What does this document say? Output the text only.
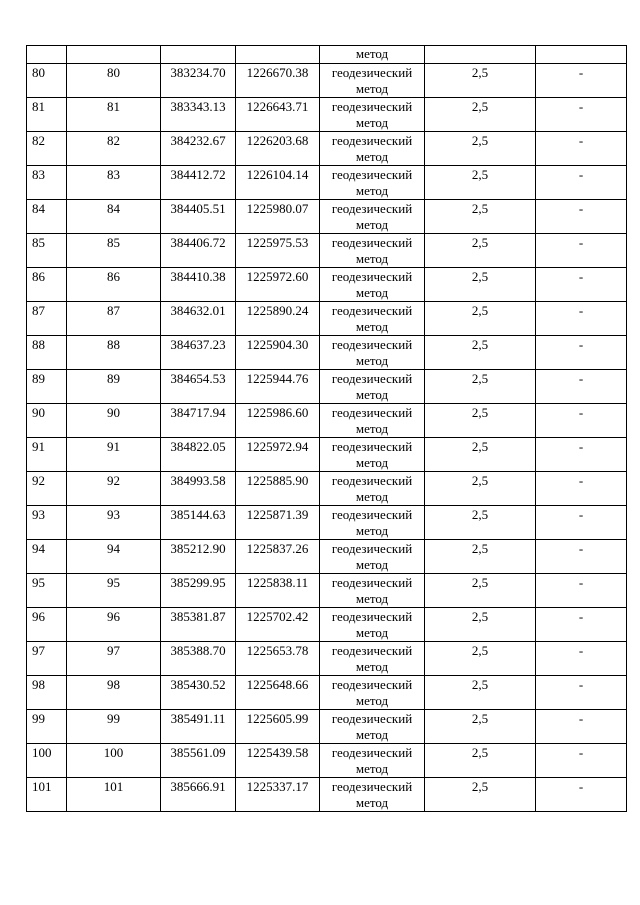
				метод		
80	80	383234.70	1226670.38	геодезический
метод	2,5	-
81	81	383343.13	1226643.71	геодезический
метод	2,5	-
82	82	384232.67	1226203.68	геодезический
метод	2,5	-
83	83	384412.72	1226104.14	геодезический
метод	2,5	-
84	84	384405.51	1225980.07	геодезический
метод	2,5	-
85	85	384406.72	1225975.53	геодезический
метод	2,5	-
86	86	384410.38	1225972.60	геодезический
метод	2,5	-
87	87	384632.01	1225890.24	геодезический
метод	2,5	-
88	88	384637.23	1225904.30	геодезический
метод	2,5	-
89	89	384654.53	1225944.76	геодезический
метод	2,5	-
90	90	384717.94	1225986.60	геодезический
метод	2,5	-
91	91	384822.05	1225972.94	геодезический
метод	2,5	-
92	92	384993.58	1225885.90	геодезический
метод	2,5	-
93	93	385144.63	1225871.39	геодезический
метод	2,5	-
94	94	385212.90	1225837.26	геодезический
метод	2,5	-
95	95	385299.95	1225838.11	геодезический
метод	2,5	-
96	96	385381.87	1225702.42	геодезический
метод	2,5	-
97	97	385388.70	1225653.78	геодезический
метод	2,5	-
98	98	385430.52	1225648.66	геодезический
метод	2,5	-
99	99	385491.11	1225605.99	геодезический
метод	2,5	-
100	100	385561.09	1225439.58	геодезический
метод	2,5	-
101	101	385666.91	1225337.17	геодезический
метод	2,5	-
